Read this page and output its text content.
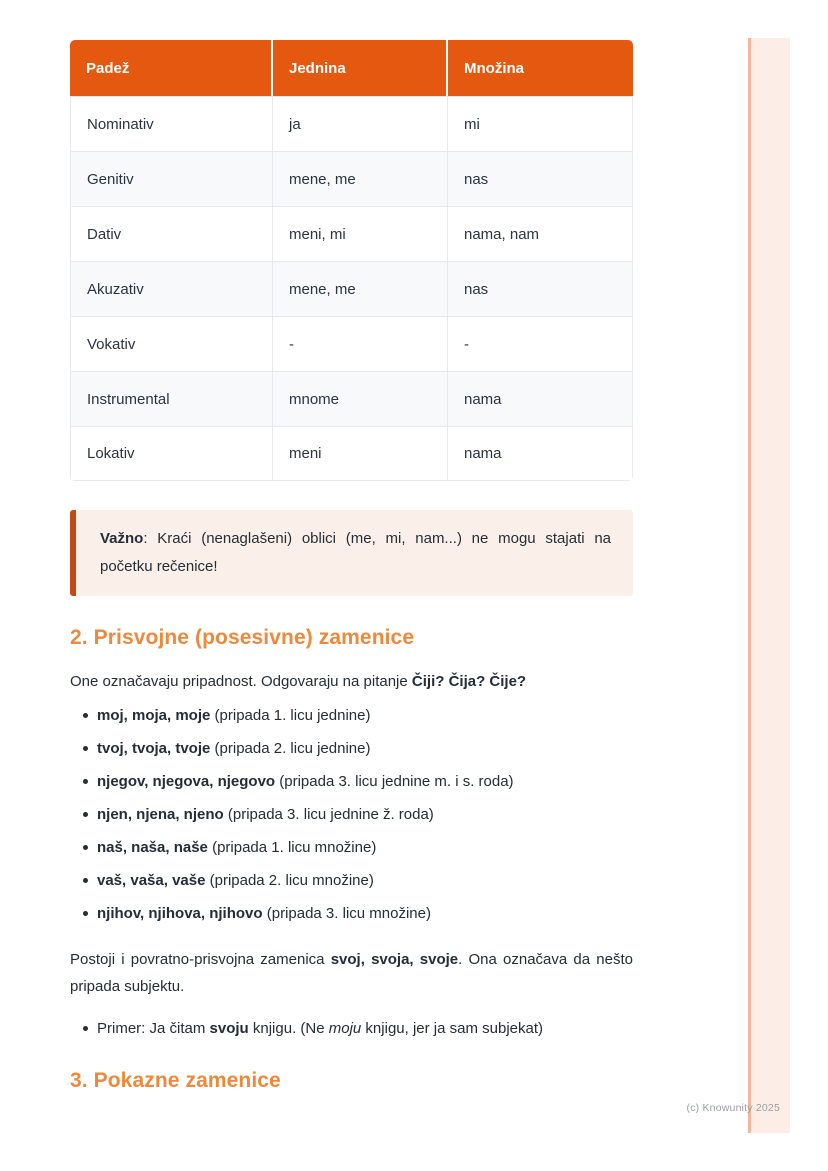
Padež	Jednina	Množina
Nominativ	ja	mi
Genitiv	mene, me	nas
Dativ	meni, mi	nama, nam
Akuzativ	mene, me	nas
Vokativ	-	-
Instrumental	mnome	nama
Lokativ	meni	nama
Važno: Kraći (nenaglašeni) oblici (me, mi, nam...) ne mogu stajati na početku rečenice!
2. Prisvojne (posesivne) zamenice

One označavaju pripadnost. Odgovaraju na pitanje Čiji? Čija? Čije?

moj, moja, moje (pripada 1. licu jednine)
tvoj, tvoja, tvoje (pripada 2. licu jednine)
njegov, njegova, njegovo (pripada 3. licu jednine m. i s. roda)
njen, njena, njeno (pripada 3. licu jednine ž. roda)
naš, naša, naše (pripada 1. licu množine)
vaš, vaša, vaše (pripada 2. licu množine)
njihov, njihova, njihovo (pripada 3. licu množine)

Postoji i povratno-prisvojna zamenica svoj, svoja, svoje. Ona označava da nešto pripada subjektu.

Primer: Ja čitam svoju knjigu. (Ne moju knjigu, jer ja sam subjekat)
3. Pokazne zamenice
(c) Knowunity 2025
